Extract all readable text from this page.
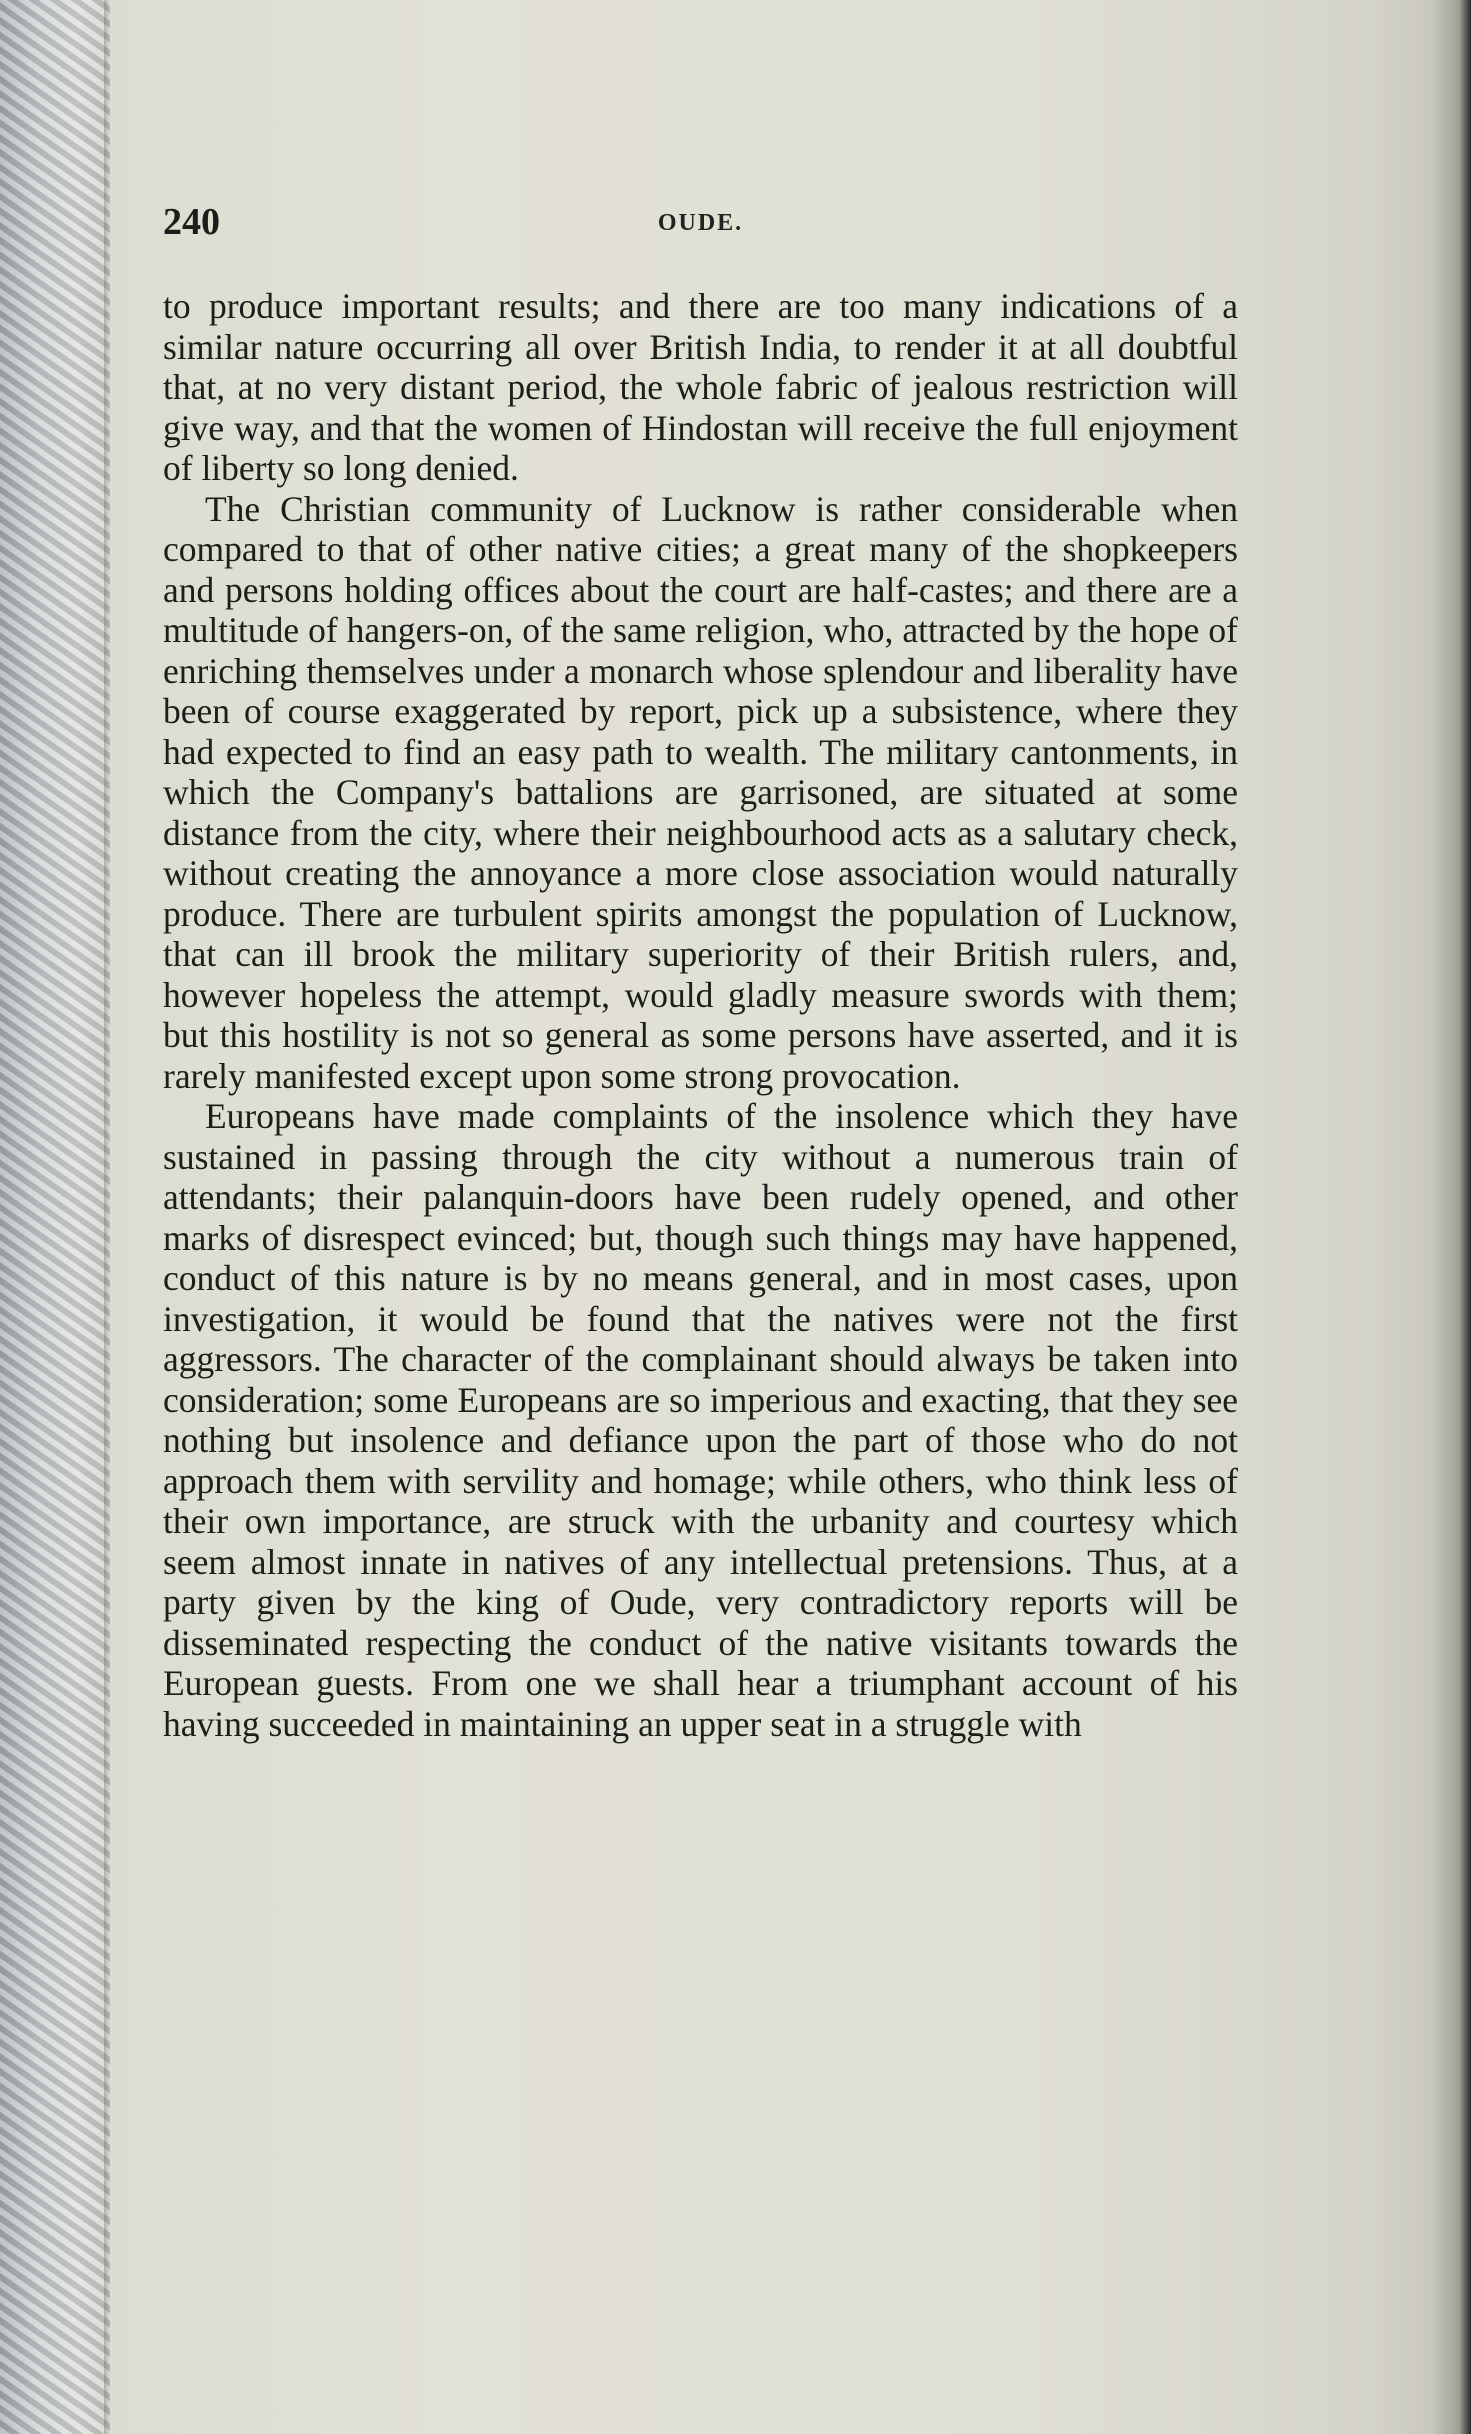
240	OUDE.

to produce important results; and there are too many indications of a similar nature occurring all over British India, to render it at all doubtful that, at no very distant period, the whole fabric of jealous restriction will give way, and that the women of Hindostan will receive the full enjoyment of liberty so long denied.

The Christian community of Lucknow is rather considerable when compared to that of other native cities; a great many of the shopkeepers and persons holding offices about the court are half-castes; and there are a multitude of hangers-on, of the same religion, who, attracted by the hope of enriching themselves under a monarch whose splendour and liberality have been of course exaggerated by report, pick up a subsistence, where they had expected to find an easy path to wealth. The military cantonments, in which the Company's battalions are garrisoned, are situated at some distance from the city, where their neighbourhood acts as a salutary check, without creating the annoyance a more close association would naturally produce. There are turbulent spirits amongst the population of Lucknow, that can ill brook the military superiority of their British rulers, and, however hopeless the attempt, would gladly measure swords with them; but this hostility is not so general as some persons have asserted, and it is rarely manifested except upon some strong provocation.

Europeans have made complaints of the insolence which they have sustained in passing through the city without a numerous train of attendants; their palanquin-doors have been rudely opened, and other marks of disrespect evinced; but, though such things may have happened, conduct of this nature is by no means general, and in most cases, upon investigation, it would be found that the natives were not the first aggressors. The character of the complainant should always be taken into consideration; some Europeans are so imperious and exacting, that they see nothing but insolence and defiance upon the part of those who do not approach them with servility and homage; while others, who think less of their own importance, are struck with the urbanity and courtesy which seem almost innate in natives of any intellectual pretensions. Thus, at a party given by the king of Oude, very contradictory reports will be disseminated respecting the conduct of the native visitants towards the European guests. From one we shall hear a triumphant account of his having succeeded in maintaining an upper seat in a struggle with
